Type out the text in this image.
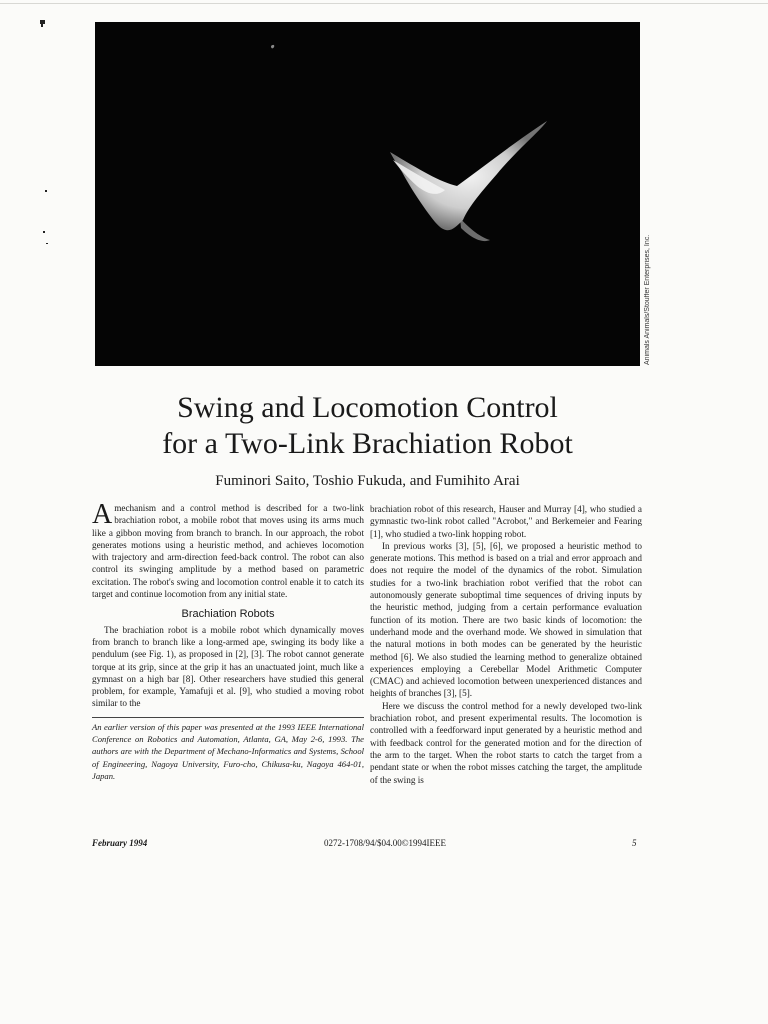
Animals Animals/Stouffer Enterprises, Inc.
Swing and Locomotion Control
for a Two-Link Brachiation Robot
Fuminori Saito, Toshio Fukuda, and Fumihito Arai

Amechanism and a control method is described for a two-link brachiation robot, a mobile robot that moves using its arms much like a gibbon moving from branch to branch. In our approach, the robot generates motions using a heuristic method, and achieves locomotion with trajectory and arm-direction feed-back control. The robot can also control its swinging amplitude by a method based on parametric excitation. The robot's swing and locomotion control enable it to catch its target and continue locomotion from any initial state.

Brachiation Robots

The brachiation robot is a mobile robot which dynamically moves from branch to branch like a long-armed ape, swinging its body like a pendulum (see Fig. 1), as proposed in [2], [3]. The robot cannot generate torque at its grip, since at the grip it has an unactuated joint, much like a gymnast on a high bar [8]. Other researchers have studied this general problem, for example, Yamafuji et al. [9], who studied a moving robot similar to the

An earlier version of this paper was presented at the 1993 IEEE International Conference on Robotics and Automation, Atlanta, GA, May 2-6, 1993. The authors are with the Department of Mechano-Informatics and Systems, School of Engineering, Nagoya University, Furo-cho, Chikusa-ku, Nagoya 464-01, Japan.

brachiation robot of this research, Hauser and Murray [4], who studied a gymnastic two-link robot called "Acrobot," and Berkemeier and Fearing [1], who studied a two-link hopping robot.

In previous works [3], [5], [6], we proposed a heuristic method to generate motions. This method is based on a trial and error approach and does not require the model of the dynamics of the robot. Simulation studies for a two-link brachiation robot verified that the robot can autonomously generate suboptimal time sequences of driving inputs by the heuristic method, judging from a certain performance evaluation function of its motion. There are two basic kinds of locomotion: the underhand mode and the overhand mode. We showed in simulation that the natural motions in both modes can be generated by the heuristic method [6]. We also studied the learning method to generalize obtained experiences employing a Cerebellar Model Arithmetic Computer (CMAC) and achieved locomotion between unexperienced distances and heights of branches [3], [5].

Here we discuss the control method for a newly developed two-link brachiation robot, and present experimental results. The locomotion is controlled with a feedforward input generated by a heuristic method and with feedback control for the generated motion and for the direction of the arm to the target. When the robot starts to catch the target from a pendant state or when the robot misses catching the target, the amplitude of the swing is

February 1994	0272-1708/94/$04.00©1994IEEE	5
